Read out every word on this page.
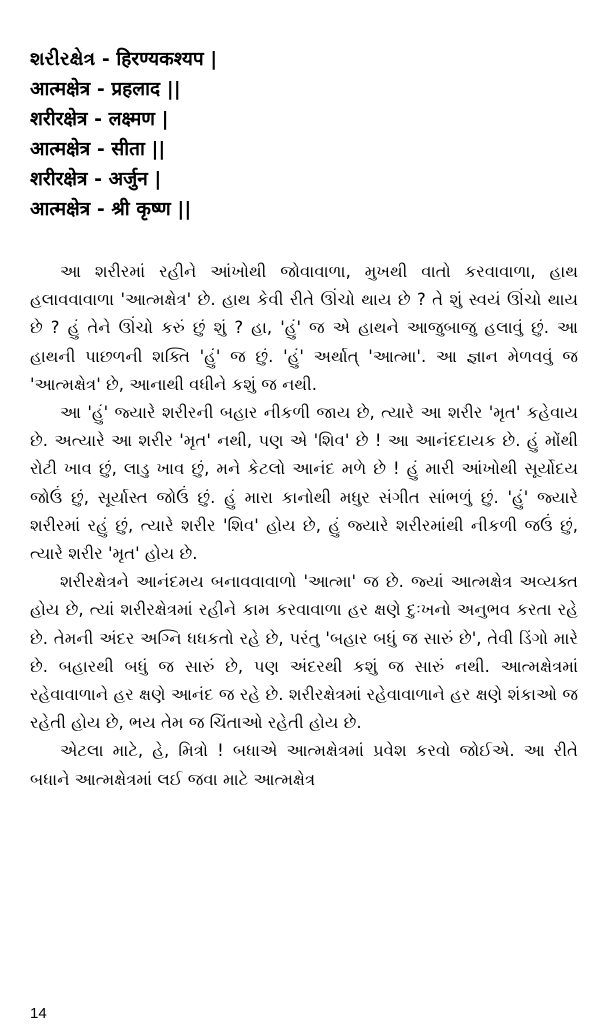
શરીરક્ષેત્ર - हिरण्यकश्यप |
आत्मक्षेत्र - प्रहलाद ||
शरीरक्षेत्र - लक्ष्मण |
आत्मक्षेत्र - सीता ||
शरीरक्षेत्र - अर्जुन |
आत्मक्षेत्र - श्री कृष्ण ||

આ શરીરમાં રહીને આંખોથી જોવાવાળા, મુખથી વાતો કરવાવાળા, હાથ હલાવવાવાળા 'આત્મક્ષેત્ર' છે. હાથ કેવી રીતે ઊંચો થાય છે ? તે શું સ્વયં ઊંચો થાય છે ? હું તેને ઊંચો કરું છું શું ? હા, 'હું' જ એ હાથને આજુબાજુ હલાવું છું. આ હાથની પાછળની શક્તિ 'હું' જ છું. 'હું' અર્થાત્ 'આત્મા'. આ જ્ઞાન મેળવવું જ 'આત્મક્ષેત્ર' છે, આનાથી વધીને કશું જ નથી.

આ 'હું' જ્યારે શરીરની બહાર નીકળી જાય છે, ત્યારે આ શરીર 'મૃત' કહેવાય છે. અત્યારે આ શરીર 'મૃત' નથી, પણ એ 'શિવ' છે ! આ આનંદદાયક છે. હું મોંથી રોટી ખાવ છું, લાડુ ખાવ છું, મને કેટલો આનંદ મળે છે ! હું મારી આંખોથી સૂર્યોદય જોઉં છું, સૂર્યાસ્ત જોઉં છું. હું મારા કાનોથી મધુર સંગીત સાંભળું છું. 'હું' જ્યારે શરીરમાં રહું છું, ત્યારે શરીર 'શિવ' હોય છે, હું જ્યારે શરીરમાંથી નીકળી જઉં છું, ત્યારે શરીર 'મૃત' હોય છે.

શરીરક્ષેત્રને આનંદમય બનાવવાવાળો 'આત્મા' જ છે. જ્યાં આત્મક્ષેત્ર અવ્યક્ત હોય છે, ત્યાં શરીરક્ષેત્રમાં રહીને કામ કરવાવાળા હર ક્ષણે દુઃખનો અનુભવ કરતા રહે છે. તેમની અંદર અગ્નિ ધધકતો રહે છે, પરંતુ 'બહાર બધું જ સારું છે', તેવી ડિંગો મારે છે. બહારથી બધું જ સારું છે, પણ અંદરથી કશું જ સારું નથી. આત્મક્ષેત્રમાં રહેવાવાળાને હર ક્ષણે આનંદ જ રહે છે. શરીરક્ષેત્રમાં રહેવાવાળાને હર ક્ષણે શંકાઓ જ રહેતી હોય છે, ભય તેમ જ ચિંતાઓ રહેતી હોય છે.

એટલા માટે, હે, મિત્રો ! બધાએ આત્મક્ષેત્રમાં પ્રવેશ કરવો જોઈએ. આ રીતે બધાને આત્મક્ષેત્રમાં લઈ જવા માટે આત્મક્ષેત્ર

14
